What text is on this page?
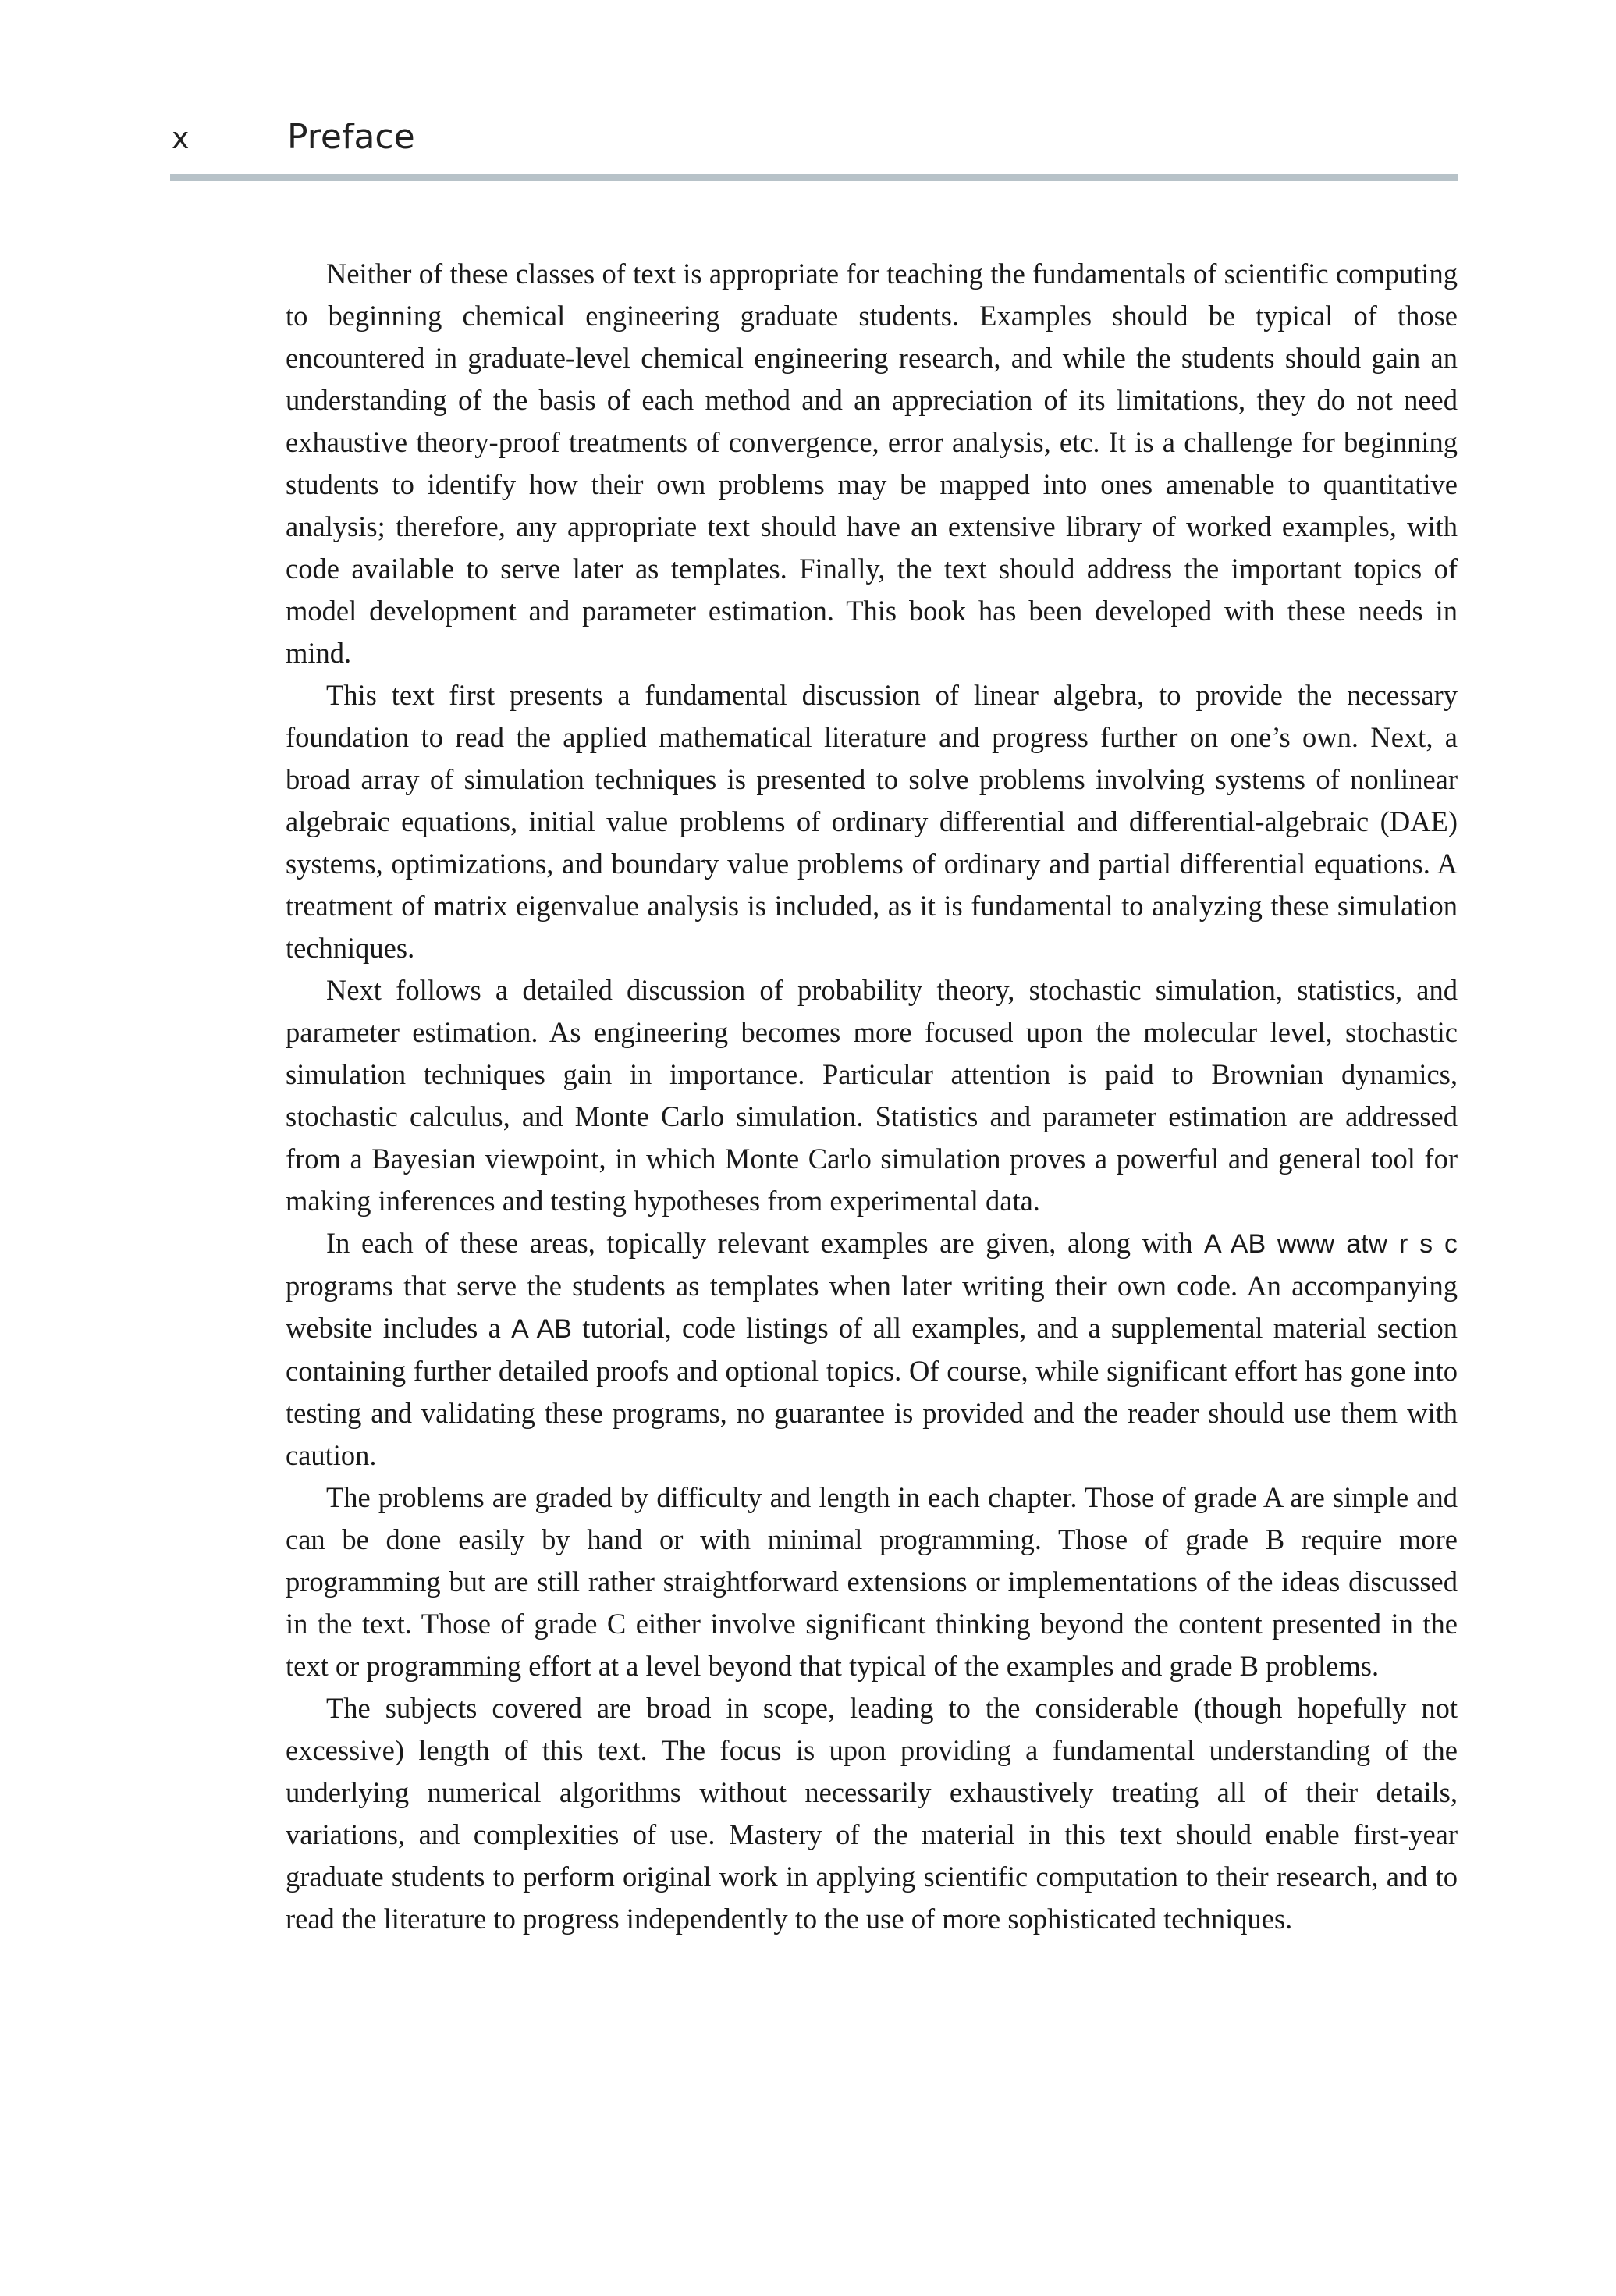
x	Preface

Neither of these classes of text is appropriate for teaching the fundamentals of scientific computing to beginning chemical engineering graduate students. Examples should be typical of those encountered in graduate-level chemical engineering research, and while the students should gain an understanding of the basis of each method and an appreciation of its limitations, they do not need exhaustive theory-proof treatments of convergence, error analysis, etc. It is a challenge for beginning students to identify how their own problems may be mapped into ones amenable to quantitative analysis; therefore, any appropriate text should have an extensive library of worked examples, with code available to serve later as templates. Finally, the text should address the important topics of model development and parameter estimation. This book has been developed with these needs in mind.

This text first presents a fundamental discussion of linear algebra, to provide the necessary foundation to read the applied mathematical literature and progress further on one’s own. Next, a broad array of simulation techniques is presented to solve problems involving systems of nonlinear algebraic equations, initial value problems of ordinary differential and differential-algebraic (DAE) systems, optimizations, and boundary value problems of ordinary and partial differential equations. A treatment of matrix eigenvalue analysis is included, as it is fundamental to analyzing these simulation techniques.

Next follows a detailed discussion of probability theory, stochastic simulation, statistics, and parameter estimation. As engineering becomes more focused upon the molecular level, stochastic simulation techniques gain in importance. Particular attention is paid to Brownian dynamics, stochastic calculus, and Monte Carlo simulation. Statistics and parameter estimation are addressed from a Bayesian viewpoint, in which Monte Carlo simulation proves a powerful and general tool for making inferences and testing hypotheses from experimental data.

In each of these areas, topically relevant examples are given, along with A AB www atw r s c programs that serve the students as templates when later writing their own code. An accompanying website includes a A AB tutorial, code listings of all examples, and a supplemental material section containing further detailed proofs and optional topics. Of course, while significant effort has gone into testing and validating these programs, no guarantee is provided and the reader should use them with caution.

The problems are graded by difficulty and length in each chapter. Those of grade A are simple and can be done easily by hand or with minimal programming. Those of grade B require more programming but are still rather straightforward extensions or implementations of the ideas discussed in the text. Those of grade C either involve significant thinking beyond the content presented in the text or programming effort at a level beyond that typical of the examples and grade B problems.

The subjects covered are broad in scope, leading to the considerable (though hopefully not excessive) length of this text. The focus is upon providing a fundamental understanding of the underlying numerical algorithms without necessarily exhaustively treating all of their details, variations, and complexities of use. Mastery of the material in this text should enable first-year graduate students to perform original work in applying scientific computation to their research, and to read the literature to progress independently to the use of more sophisticated techniques.
